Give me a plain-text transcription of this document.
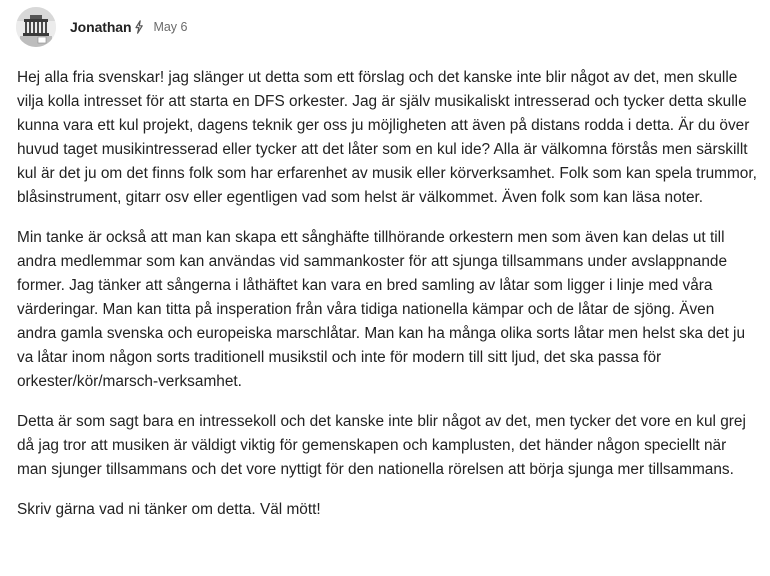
Jonathan May 6

Hej alla fria svenskar! jag slänger ut detta som ett förslag och det kanske inte blir något av det, men skulle vilja kolla intresset för att starta en DFS orkester. Jag är själv musikaliskt intresserad och tycker detta skulle kunna vara ett kul projekt, dagens teknik ger oss ju möjligheten att även på distans rodda i detta. Är du över huvud taget musikintresserad eller tycker att det låter som en kul ide? Alla är välkomna förstås men särskillt kul är det ju om det finns folk som har erfarenhet av musik eller körverksamhet. Folk som kan spela trummor, blåsinstrument, gitarr osv eller egentligen vad som helst är välkommet. Även folk som kan läsa noter.

Min tanke är också att man kan skapa ett sånghäfte tillhörande orkestern men som även kan delas ut till andra medlemmar som kan användas vid sammankoster för att sjunga tillsammans under avslappnande former. Jag tänker att sångerna i låthäftet kan vara en bred samling av låtar som ligger i linje med våra värderingar. Man kan titta på insperation från våra tidiga nationella kämpar och de låtar de sjöng. Även andra gamla svenska och europeiska marschlåtar. Man kan ha många olika sorts låtar men helst ska det ju va låtar inom någon sorts traditionell musikstil och inte för modern till sitt ljud, det ska passa för orkester/kör/marsch-verksamhet.

Detta är som sagt bara en intressekoll och det kanske inte blir något av det, men tycker det vore en kul grej då jag tror att musiken är väldigt viktig för gemenskapen och kamplusten, det händer någon speciellt när man sjunger tillsammans och det vore nyttigt för den nationella rörelsen att börja sjunga mer tillsammans.

Skriv gärna vad ni tänker om detta. Väl mött!
